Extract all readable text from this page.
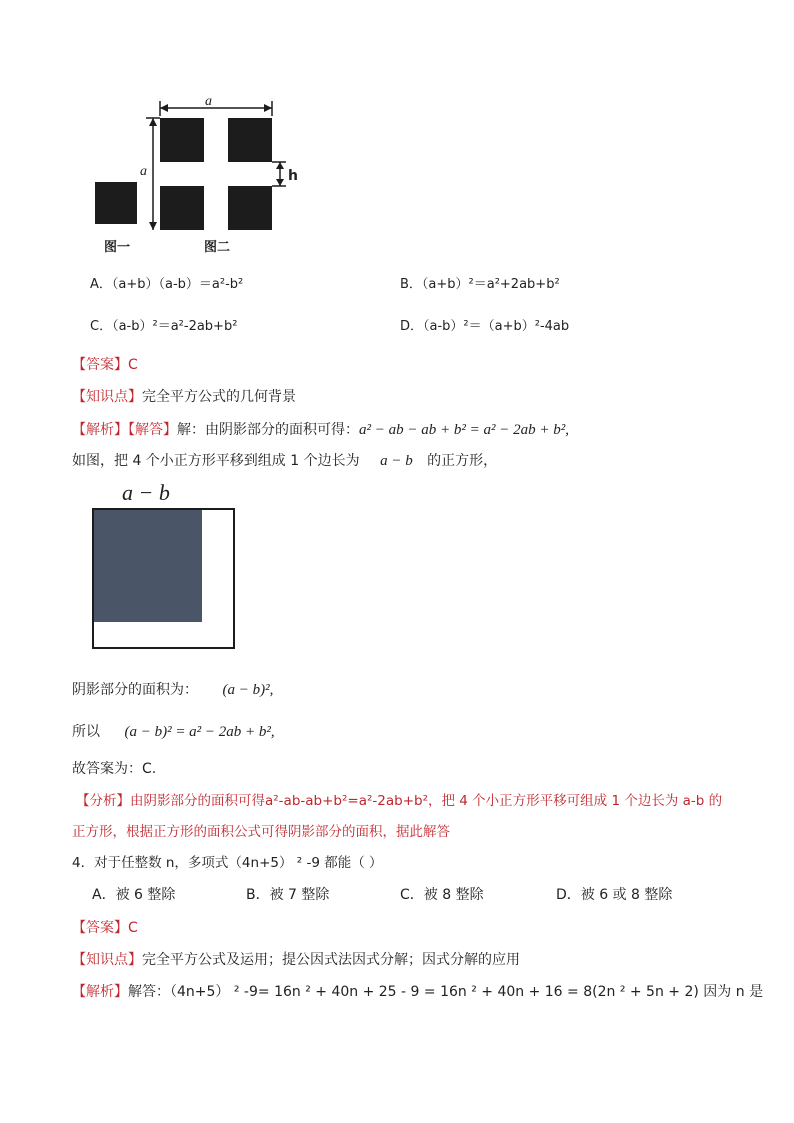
a
a	h
图一	图二
A．（a+b）（a-b）＝a²-b²	B．（a+b）²＝a²+2ab+b²
C．（a-b）²＝a²-2ab+b²	D．（a-b）²＝（a+b）²-4ab
【答案】C
【知识点】完全平方公式的几何背景
【解析】【解答】解：由阴影部分的面积可得：a² − ab − ab + b² = a² − 2ab + b²,
如图，把 4 个小正方形平移到组成 1 个边长为 a − b 的正方形，
a − b
阴影部分的面积为： (a − b)²,
所以 (a − b)² = a² − 2ab + b²,
故答案为：C.
【分析】由阴影部分的面积可得a²-ab-ab+b²=a²-2ab+b²，把 4 个小正方形平移可组成 1 个边长为 a-b 的
正方形，根据正方形的面积公式可得阴影部分的面积，据此解答
4．对于任整数 n，多项式（4n+5） ² -9 都能（ ）
A．被 6 整除	B．被 7 整除	C．被 8 整除	D．被 6 或 8 整除
【答案】C
【知识点】完全平方公式及运用；提公因式法因式分解；因式分解的应用
【解析】解答：（4n+5） ² -9= 16n ² + 40n + 25 - 9 = 16n ² + 40n + 16 = 8(2n ² + 5n + 2) 因为 n 是
